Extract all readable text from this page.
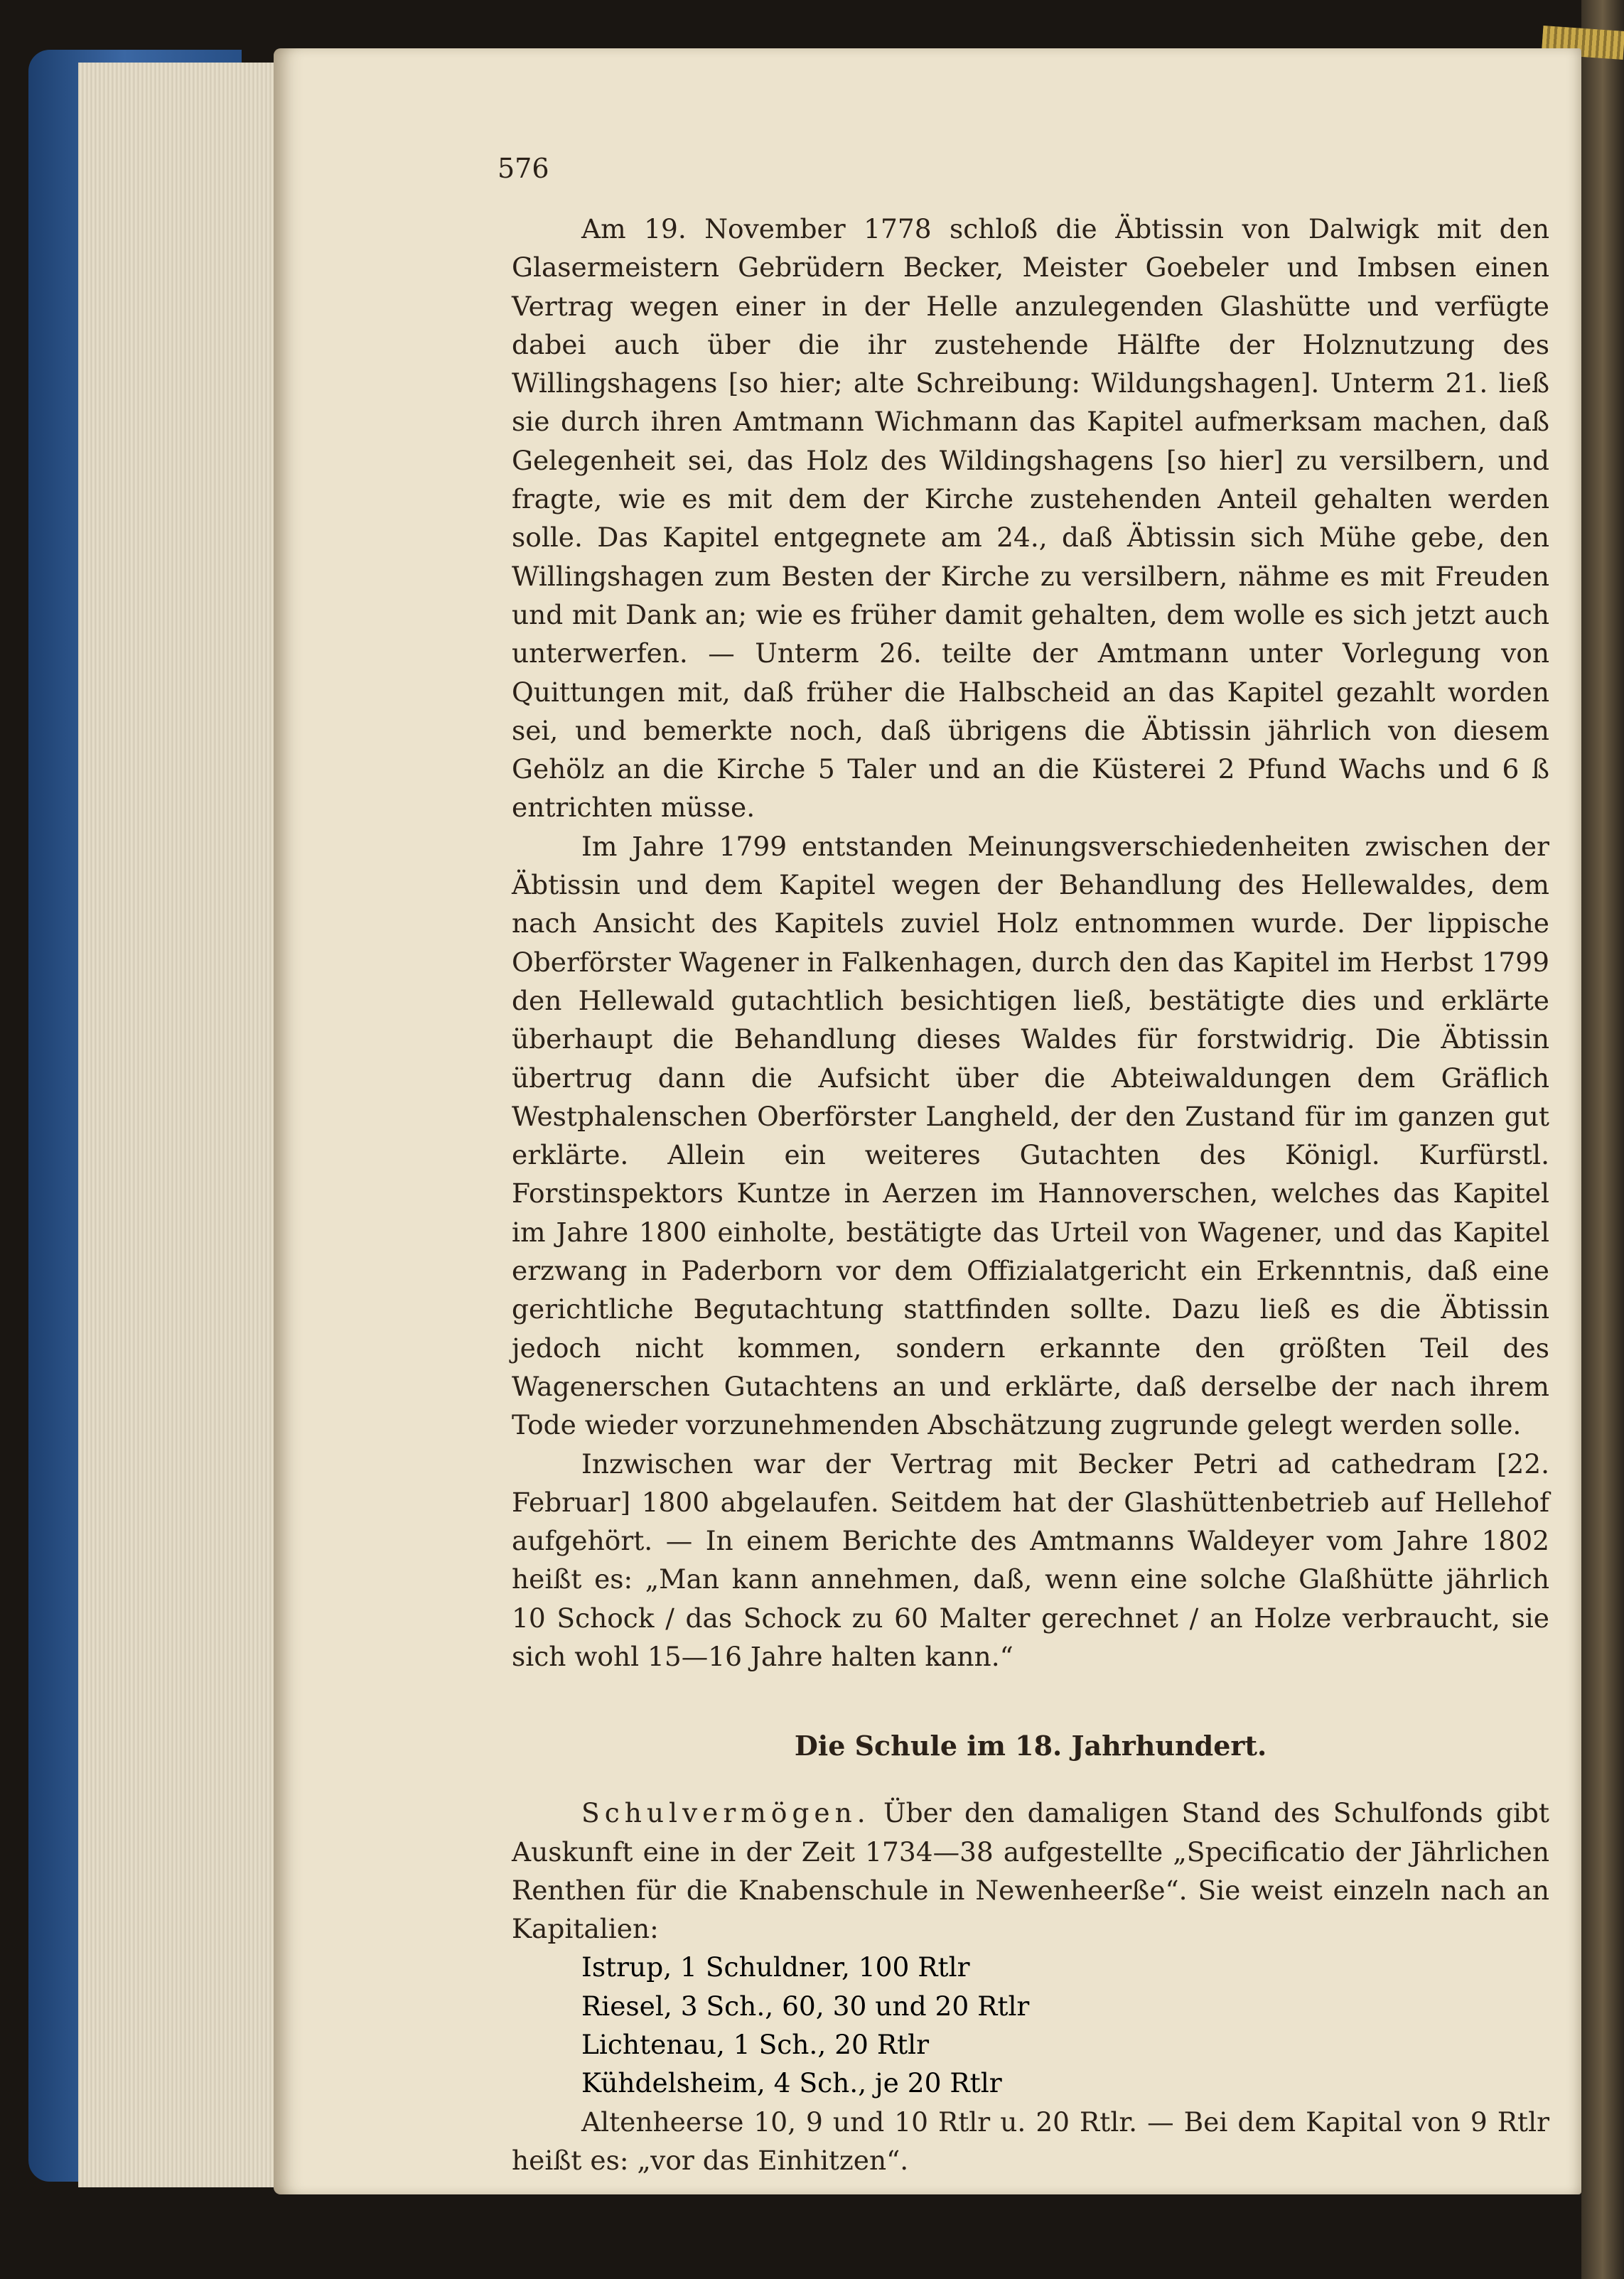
576

Am 19. November 1778 schloß die Äbtissin von Dalwigk mit den Glasermeistern Gebrüdern Becker, Meister Goebeler und Imbsen einen Vertrag wegen einer in der Helle anzulegenden Glashütte und verfügte dabei auch über die ihr zustehende Hälfte der Holznutzung des Willingshagens [so hier; alte Schreibung: Wildungshagen]. Unterm 21. ließ sie durch ihren Amtmann Wichmann das Kapitel aufmerksam machen, daß Gelegenheit sei, das Holz des Wildingshagens [so hier] zu versilbern, und fragte, wie es mit dem der Kirche zustehenden Anteil gehalten werden solle. Das Kapitel entgegnete am 24., daß Äbtissin sich Mühe gebe, den Willingshagen zum Besten der Kirche zu versilbern, nähme es mit Freuden und mit Dank an; wie es früher damit gehalten, dem wolle es sich jetzt auch unterwerfen. — Unterm 26. teilte der Amtmann unter Vorlegung von Quittungen mit, daß früher die Halbscheid an das Kapitel gezahlt worden sei, und bemerkte noch, daß übrigens die Äbtissin jährlich von diesem Gehölz an die Kirche 5 Taler und an die Küsterei 2 Pfund Wachs und 6 ß entrichten müsse.

Im Jahre 1799 entstanden Meinungsverschiedenheiten zwischen der Äbtissin und dem Kapitel wegen der Behandlung des Hellewaldes, dem nach Ansicht des Kapitels zuviel Holz entnommen wurde. Der lippische Oberförster Wagener in Falkenhagen, durch den das Kapitel im Herbst 1799 den Hellewald gutachtlich besichtigen ließ, bestätigte dies und erklärte überhaupt die Behandlung dieses Waldes für forstwidrig. Die Äbtissin übertrug dann die Aufsicht über die Abteiwaldungen dem Gräflich Westphalenschen Oberförster Langheld, der den Zustand für im ganzen gut erklärte. Allein ein weiteres Gutachten des Königl. Kurfürstl. Forstinspektors Kuntze in Aerzen im Hannoverschen, welches das Kapitel im Jahre 1800 einholte, bestätigte das Urteil von Wagener, und das Kapitel erzwang in Paderborn vor dem Offizialatgericht ein Erkenntnis, daß eine gerichtliche Begutachtung stattfinden sollte. Dazu ließ es die Äbtissin jedoch nicht kommen, sondern erkannte den größten Teil des Wagenerschen Gutachtens an und erklärte, daß derselbe der nach ihrem Tode wieder vorzunehmenden Abschätzung zugrunde gelegt werden solle.

Inzwischen war der Vertrag mit Becker Petri ad cathedram [22. Februar] 1800 abgelaufen. Seitdem hat der Glashüttenbetrieb auf Hellehof aufgehört. — In einem Berichte des Amtmanns Waldeyer vom Jahre 1802 heißt es: „Man kann annehmen, daß, wenn eine solche Glaßhütte jährlich 10 Schock / das Schock zu 60 Malter gerechnet / an Holze verbraucht, sie sich wohl 15—16 Jahre halten kann.“

Die Schule im 18. Jahrhundert.

Schulvermögen. Über den damaligen Stand des Schulfonds gibt Auskunft eine in der Zeit 1734—38 aufgestellte „Specificatio der Jährlichen Renthen für die Knabenschule in Newenheerße“. Sie weist einzeln nach an Kapitalien:

Istrup, 1 Schuldner, 100 Rtlr

Riesel, 3 Sch., 60, 30 und 20 Rtlr

Lichtenau, 1 Sch., 20 Rtlr

Kühdelsheim, 4 Sch., je 20 Rtlr

Altenheerse 10, 9 und 10 Rtlr u. 20 Rtlr. — Bei dem Kapital von 9 Rtlr heißt es: „vor das Einhitzen“.
